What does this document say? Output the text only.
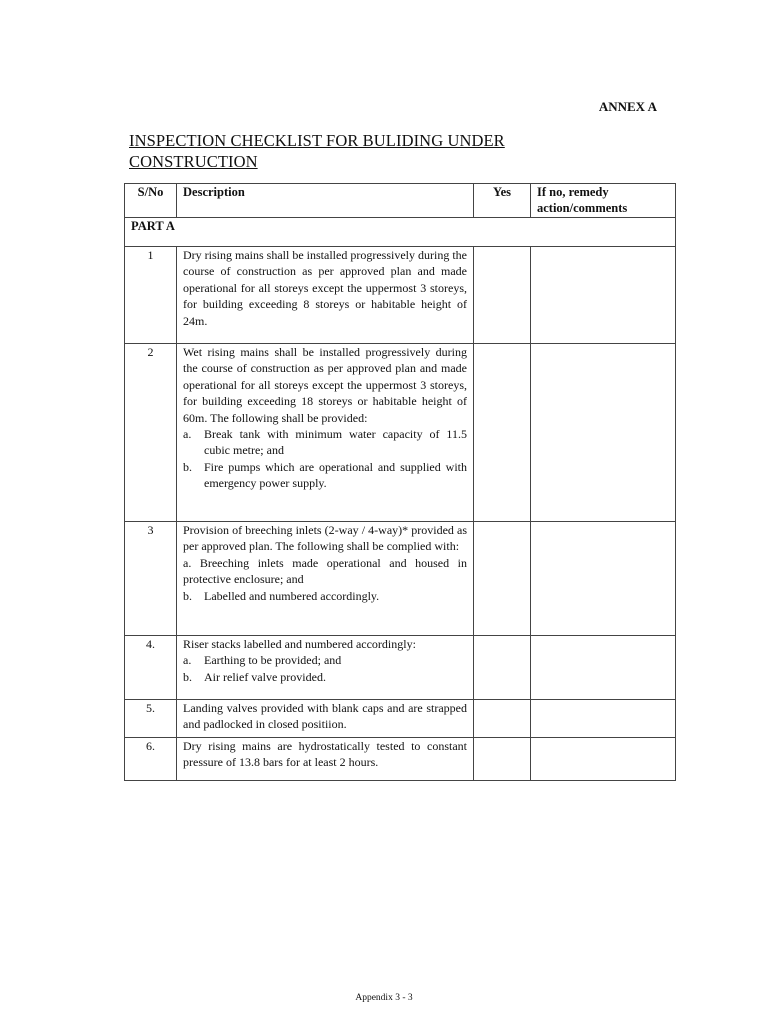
ANNEX A
INSPECTION CHECKLIST FOR BULIDING UNDER
CONSTRUCTION
S/No	Description	Yes	If no, remedy
action/comments

PART A			
1	Dry rising mains shall be installed progressively during the course of construction as per approved plan and made operational for all storeys except the uppermost 3 storeys, for building exceeding 8 storeys or habitable height of 24m.		
2	Wet rising mains shall be installed progressively during the course of construction as per approved plan and made operational for all storeys except the uppermost 3 storeys, for building exceeding 18 storeys or habitable height of 60m. The following shall be provided:
a. Break tank with minimum water capacity of 11.5 cubic metre; and
b. Fire pumps which are operational and supplied with emergency power supply.		

3	Provision of breeching inlets (2-way / 4-way)* provided as per approved plan. The following shall be complied with:
a. Breeching inlets made operational and housed in protective enclosure; and
b. Labelled and numbered accordingly.		

4.	Riser stacks labelled and numbered accordingly:
a. Earthing to be provided; and
b. Air relief valve provided.		

5.	Landing valves provided with blank caps and are strapped and padlocked in closed positiion.		
6.	Dry rising mains are hydrostatically tested to constant pressure of 13.8 bars for at least 2 hours.		
Appendix 3 - 3
